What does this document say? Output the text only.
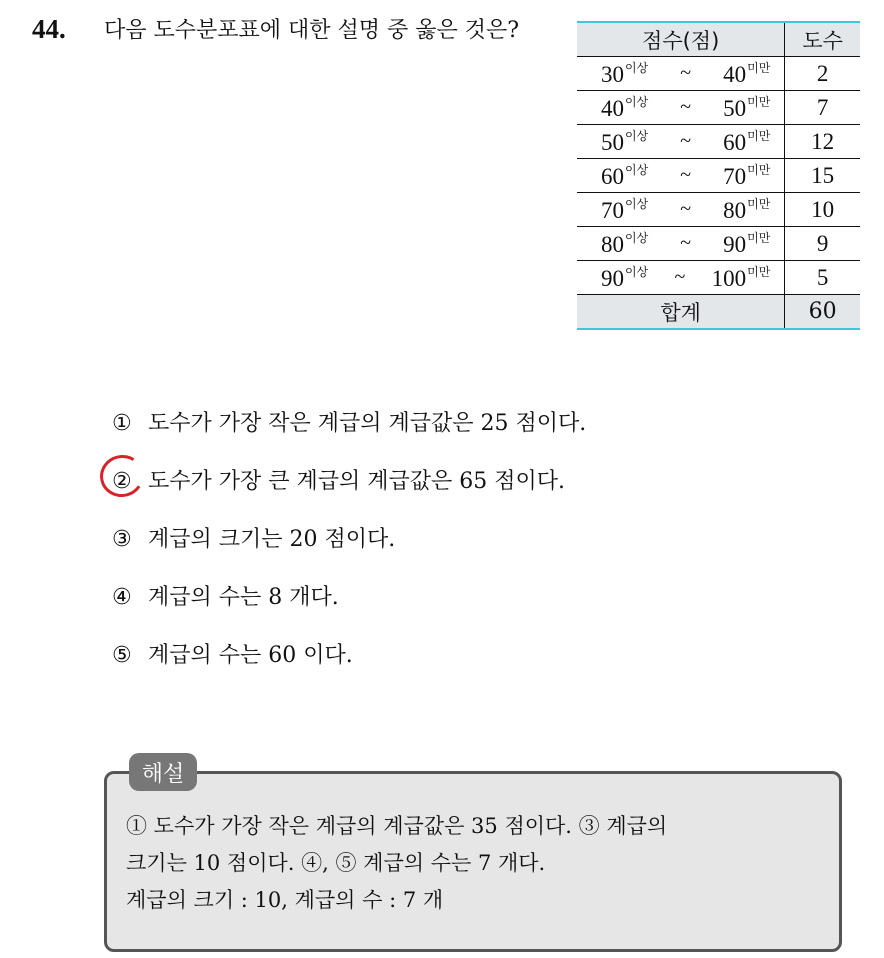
44. 다음 도수분포표에 대한 설명 중 옳은 것은?	점수(점)	도수

$30^{이상}$ ~ $40^{미만}$	2

$40^{이상}$ ~ $50^{미만}$	7

$50^{이상}$ ~ $60^{미만}$	12

$60^{이상}$ ~ $70^{미만}$	15

$70^{이상}$ ~ $80^{미만}$	10

$80^{이상}$ ~ $90^{미만}$	9

$90^{이상}$ ~ $100^{미만}$	5
합계	60
① 도수가 가장 작은 계급의 계급값은 25 점이다.
② 도수가 가장 큰 계급의 계급값은 65 점이다.
③ 계급의 크기는 20 점이다.
④ 계급의 수는 8 개다.
⑤ 계급의 수는 60 이다.
해설
① 도수가 가장 작은 계급의 계급값은 35 점이다. ③ 계급의
크기는 10 점이다. ④, ⑤ 계급의 수는 7 개다.
계급의 크기 : 10, 계급의 수 : 7 개
